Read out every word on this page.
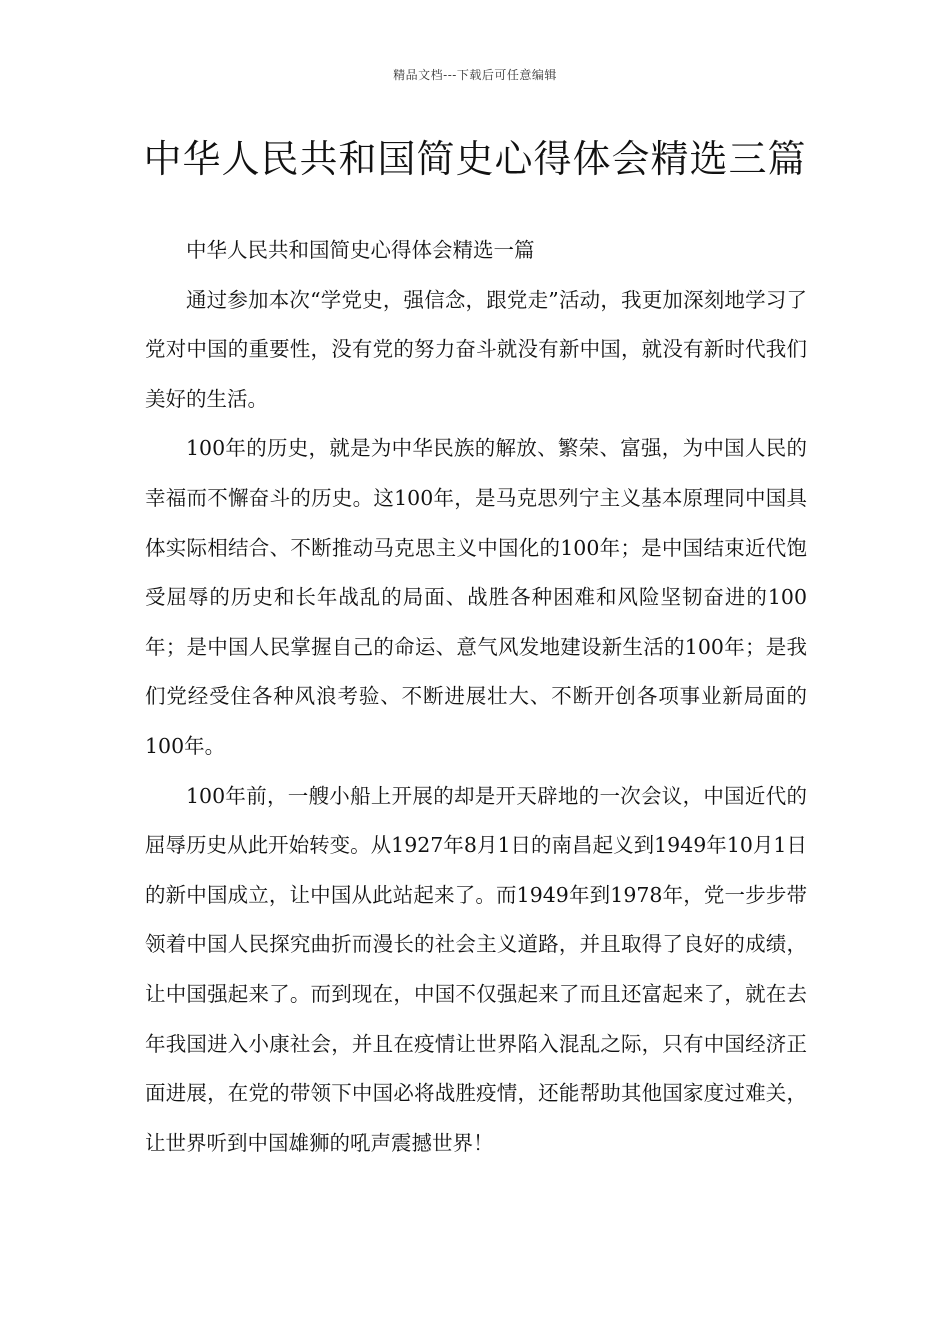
精品文档---下载后可任意编辑
中华人民共和国简史心得体会精选三篇

中华人民共和国简史心得体会精选一篇

通过参加本次“学党史，强信念，跟党走”活动，我更加深刻地学习了党对中国的重要性，没有党的努力奋斗就没有新中国，就没有新时代我们美好的生活。

100年的历史，就是为中华民族的解放、繁荣、富强，为中国人民的幸福而不懈奋斗的历史。这100年，是马克思列宁主义基本原理同中国具体实际相结合、不断推动马克思主义中国化的100年；是中国结束近代饱受屈辱的历史和长年战乱的局面、战胜各种困难和风险坚韧奋进的100年；是中国人民掌握自己的命运、意气风发地建设新生活的100年；是我们党经受住各种风浪考验、不断进展壮大、不断开创各项事业新局面的100年。

100年前，一艘小船上开展的却是开天辟地的一次会议，中国近代的屈辱历史从此开始转变。从1927年8月1日的南昌起义到1949年10月1日的新中国成立，让中国从此站起来了。而1949年到1978年，党一步步带领着中国人民探究曲折而漫长的社会主义道路，并且取得了良好的成绩，让中国强起来了。而到现在，中国不仅强起来了而且还富起来了，就在去年我国进入小康社会，并且在疫情让世界陷入混乱之际，只有中国经济正面进展，在党的带领下中国必将战胜疫情，还能帮助其他国家度过难关，让世界听到中国雄狮的吼声震撼世界！
